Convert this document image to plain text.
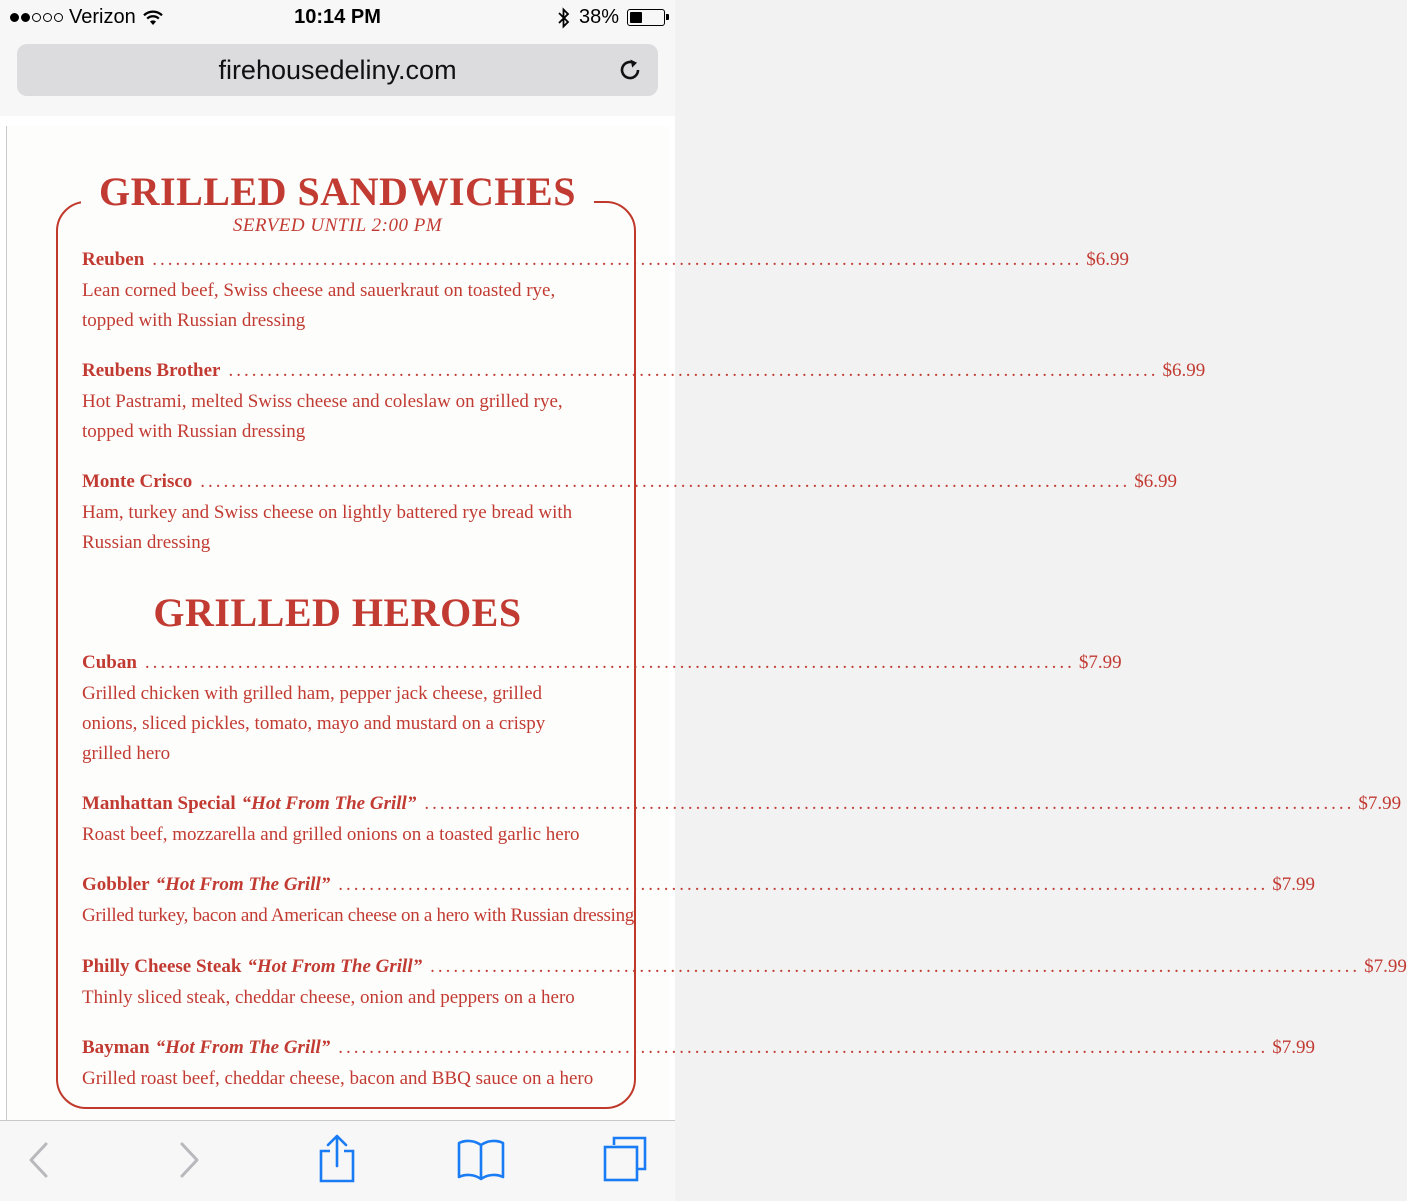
Verizon	10:14 PM	38%
firehousedeliny.com
GRILLED SANDWICHES
SERVED UNTIL 2:00 PM
Reuben ........................................................................................................................ $6.99
Lean corned beef, Swiss cheese and sauerkraut on toasted rye,
topped with Russian dressing
Reubens Brother ........................................................................................................................ $6.99
Hot Pastrami, melted Swiss cheese and coleslaw on grilled rye,
topped with Russian dressing
Monte Crisco ........................................................................................................................ $6.99
Ham, turkey and Swiss cheese on lightly battered rye bread with
Russian dressing
GRILLED HEROES
Cuban ........................................................................................................................ $7.99
Grilled chicken with grilled ham, pepper jack cheese, grilled
onions, sliced pickles, tomato, mayo and mustard on a crispy
grilled hero
Manhattan Special “Hot From The Grill” ........................................................................................................................ $7.99
Roast beef, mozzarella and grilled onions on a toasted garlic hero
Gobbler “Hot From The Grill” ........................................................................................................................ $7.99
Grilled turkey, bacon and American cheese on a hero with Russian dressing
Philly Cheese Steak “Hot From The Grill” ........................................................................................................................ $7.99
Thinly sliced steak, cheddar cheese, onion and peppers on a hero
Bayman “Hot From The Grill” ........................................................................................................................ $7.99
Grilled roast beef, cheddar cheese, bacon and BBQ sauce on a hero
